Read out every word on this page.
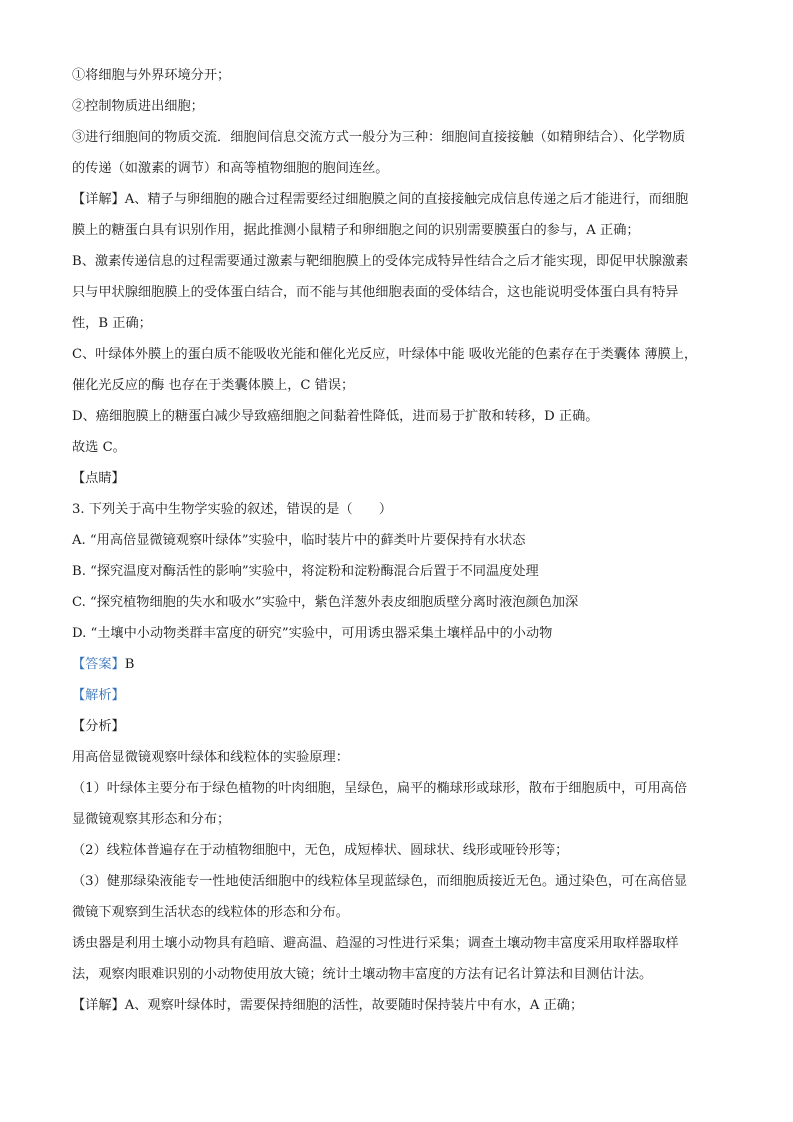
①将细胞与外界环境分开；

②控制物质进出细胞；

③进行细胞间的物质交流．细胞间信息交流方式一般分为三种：细胞间直接接触（如精卵结合）、化学物质

的传递（如激素的调节）和高等植物细胞的胞间连丝。

【详解】A、精子与卵细胞的融合过程需要经过细胞膜之间的直接接触完成信息传递之后才能进行，而细胞

膜上的糖蛋白具有识别作用，据此推测小鼠精子和卵细胞之间的识别需要膜蛋白的参与，A 正确；

B、激素传递信息的过程需要通过激素与靶细胞膜上的受体完成特异性结合之后才能实现，即促甲状腺激素

只与甲状腺细胞膜上的受体蛋白结合，而不能与其他细胞表面的受体结合，这也能说明受体蛋白具有特异

性，B 正确；

C、叶绿体外膜上的蛋白质不能吸收光能和催化光反应，叶绿体中能 吸收光能的色素存在于类囊体 薄膜上，

催化光反应的酶 也存在于类囊体膜上，C 错误；

D、癌细胞膜上的糖蛋白减少导致癌细胞之间黏着性降低，进而易于扩散和转移，D 正确。

故选 C。

【点睛】

3. 下列关于高中生物学实验的叙述，错误的是（　　）

A. “用高倍显微镜观察叶绿体”实验中，临时装片中的藓类叶片要保持有水状态

B. “探究温度对酶活性的影响”实验中，将淀粉和淀粉酶混合后置于不同温度处理

C. “探究植物细胞的失水和吸水”实验中，紫色洋葱外表皮细胞质壁分离时液泡颜色加深

D. “土壤中小动物类群丰富度的研究”实验中，可用诱虫器采集土壤样品中的小动物

【答案】B

【解析】

【分析】

用高倍显微镜观察叶绿体和线粒体的实验原理：

（1）叶绿体主要分布于绿色植物的叶肉细胞，呈绿色，扁平的椭球形或球形，散布于细胞质中，可用高倍

显微镜观察其形态和分布；

（2）线粒体普遍存在于动植物细胞中，无色，成短棒状、圆球状、线形或哑铃形等；

（3）健那绿染液能专一性地使活细胞中的线粒体呈现蓝绿色，而细胞质接近无色。通过染色，可在高倍显

微镜下观察到生活状态的线粒体的形态和分布。

诱虫器是利用土壤小动物具有趋暗、避高温、趋湿的习性进行采集；调查土壤动物丰富度采用取样器取样

法，观察肉眼难识别的小动物使用放大镜；统计土壤动物丰富度的方法有记名计算法和目测估计法。

【详解】A、观察叶绿体时，需要保持细胞的活性，故要随时保持装片中有水，A 正确；
